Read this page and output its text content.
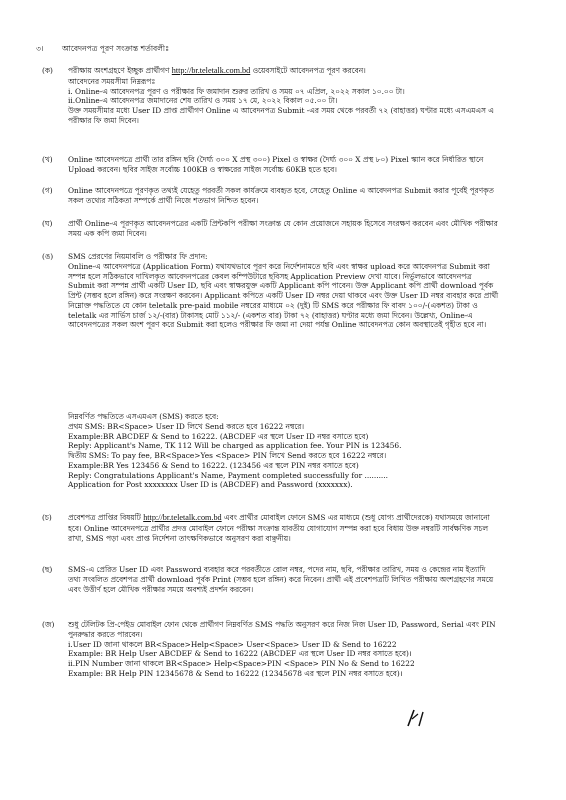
৩। আবেদনপত্র পূরণ সংক্রান্ত শর্তাবলীঃ
(ক) পরীক্ষায় অংশগ্রহণে ইচ্ছুক প্রার্থীগণ http://br.teletalk.com.bd ওয়েবসাইটে আবেদনপত্র পূরণ করবেন।

আবেদনের সময়সীমা নিম্নরূপঃ

i. Online-এ আবেদনপত্র পূরণ ও পরীক্ষার ফি জমাদান শুরুর তারিখ ও সময় ০৭ এপ্রিল, ২০২২ সকাল ১০.০০ টা।

ii.Online-এ আবেদনপত্র জমাদানের শেষ তারিখ ও সময় ১৭ মে, ২০২২ বিকাল ০৫.০০ টা।

উক্ত সময়সীমার মধ্যে User ID প্রাপ্ত প্রার্থীগণ Online এ আবেদনপত্র Submit -এর সময় থেকে পরবর্তী ৭২ (বাহাত্তর) ঘণ্টার মধ্যে এসএমএস এ পরীক্ষার ফি জমা দিবেন।

(খ) Online আবেদনপত্রে প্রার্থী তার রঙ্গিন ছবি (দৈর্ঘ্য ৩০০ X প্রস্থ ৩০০) Pixel ও স্বাক্ষর (দৈর্ঘ্য ৩০০ X প্রস্থ ৮০) Pixel স্ক্যান করে নির্ধারিত স্থানে Upload করবেন। ছবির সাইজ সর্বোচ্চ 100KB ও স্বাক্ষরের সাইজ সর্বোচ্চ 60KB হতে হবে।

(গ) Online আবেদনপত্রে পূরণকৃত তথ্যই যেহেতু পরবর্তী সকল কার্যক্রমে ব্যবহৃত হবে, সেহেতু Online এ আবেদনপত্র Submit করার পূর্বেই পূরণকৃত সকল তথ্যের সঠিকতা সম্পর্কে প্রার্থী নিজে শতভাগ নিশ্চিত হবেন।

(ঘ) প্রার্থী Online-এ পূরণকৃত আবেদনপত্রের একটি প্রিন্টকপি পরীক্ষা সংক্রান্ত যে কোন প্রয়োজনে সহায়ক হিসেবে সংরক্ষণ করবেন এবং মৌখিক পরীক্ষার সময় এক কপি জমা দিবেন।

(ঙ) SMS প্রেরণের নিয়মাবলি ও পরীক্ষার ফি প্রদান:

Online-এ আবেদনপত্রে (Application Form) যথাযথভাবে পূরণ করে নির্দেশনামতে ছবি এবং স্বাক্ষর upload করে আবেদনপত্র Submit করা সম্পন্ন হলে সঠিকভাবে দাখিলকৃত আবেদনপত্রের কেবল কম্পিউটারে ছবিসহ Application Preview দেখা যাবে। নির্ভুলভাবে আবেদনপত্র Submit করা সম্পন্ন প্রার্থী একটি User ID, ছবি এবং স্বাক্ষরযুক্ত একটি Applicant কপি পাবেন। উক্ত Applicant কপি প্রার্থী download পূর্বক প্রিন্ট (সম্ভব হলে রঙ্গিন) করে সংরক্ষণ করবেন। Applicant কপিতে একটি User ID নম্বর দেয়া থাকবে এবং উক্ত User ID নম্বর ব্যবহার করে প্রার্থী নিম্নোক্ত পদ্ধতিতে যে কোন teletalk pre-paid mobile নম্বরের মাধ্যমে ০২ (দুই) টি SMS করে পরীক্ষার ফি বাবদ ১০০/-(একশত) টাকা ও teletalk এর সার্ভিস চার্জ ১২/-(বার) টাকাসহ মোট ১১২/- (একশত বার) টাকা ৭২ (বাহাত্তর) ঘণ্টার মধ্যে জমা দিবেন। উল্লেখ্য, Online-এ আবেদনপত্রের সকল অংশ পূরণ করে Submit করা হলেও পরীক্ষার ফি জমা না দেয়া পর্যন্ত Online আবেদনপত্র কোন অবস্থাতেই গৃহীত হবে না।

নিম্নবর্ণিত পদ্ধতিতে এসএমএস (SMS) করতে হবে:

প্রথম SMS: BR<Space> User ID লিখে Send করতে হবে 16222 নম্বরে।

Example:BR ABCDEF & Send to 16222. (ABCDEF এর স্থলে User ID নম্বর বসাতে হবে)

Reply: Applicant's Name, TK 112 Will be charged as application fee. Your PIN is 123456.

দ্বিতীয় SMS: To pay fee, BR<Space>Yes <Space> PIN লিখে Send করতে হবে 16222 নম্বরে।

Example:BR Yes 123456 & Send to 16222. (123456 এর স্থলে PIN নম্বর বসাতে হবে)

Reply: Congratulations Applicant's Name, Payment completed successfully for ..........

Application for Post xxxxxxxx User ID is (ABCDEF) and Password (xxxxxxx).

(চ) প্রবেশপত্র প্রাপ্তির বিষয়টি http://br.teletalk.com.bd এবং প্রার্থীর মোবাইল ফোনে SMS এর মাধ্যমে (শুধু যোগ্য প্রার্থীদেরকে) যথাসময়ে জানানো হবে। Online আবেদনপত্রে প্রার্থীর প্রদত্ত মোবাইল ফোনে পরীক্ষা সংক্রান্ত যাবতীয় যোগাযোগ সম্পন্ন করা হবে বিধায় উক্ত নম্বরটি সার্বক্ষণিক সচল রাখা, SMS পড়া এবং প্রাপ্ত নির্দেশনা তাৎক্ষণিকভাবে অনুসরণ করা বাঞ্ছনীয়।

(ছ) SMS-এ প্রেরিত User ID এবং Password ব্যবহার করে পরবর্তীতে রোল নম্বর, পদের নাম, ছবি, পরীক্ষার তারিখ, সময় ও কেন্দ্রের নাম ইত্যাদি তথ্য সংবলিত প্রবেশপত্র প্রার্থী download পূর্বক Print (সম্ভব হলে রঙ্গিন) করে নিবেন। প্রার্থী এই প্রবেশপত্রটি লিখিত পরীক্ষায় অংশগ্রহণের সময়ে এবং উত্তীর্ণ হলে মৌখিক পরীক্ষার সময়ে অবশ্যই প্রদর্শন করবেন।

(জ) শুধু টেলিটক প্রি-পেইড মোবাইল ফোন থেকে প্রার্থীগণ নিম্নবর্ণিত SMS পদ্ধতি অনুসরণ করে নিজ নিজ User ID, Password, Serial এবং PIN পুনরুদ্ধার করতে পারবেন।

i.User ID জানা থাকলে BR<Space>Help<Space> User<Space> User ID & Send to 16222

Example: BR Help User ABCDEF & Send to 16222 (ABCDEF এর স্থলে User ID নম্বর বসাতে হবে)।

ii.PIN Number জানা থাকলে BR<Space> Help<Space>PIN <Space> PIN No & Send to 16222

Example: BR Help PIN 12345678 & Send to 16222 (12345678 এর স্থলে PIN নম্বর বসাতে হবে)।
